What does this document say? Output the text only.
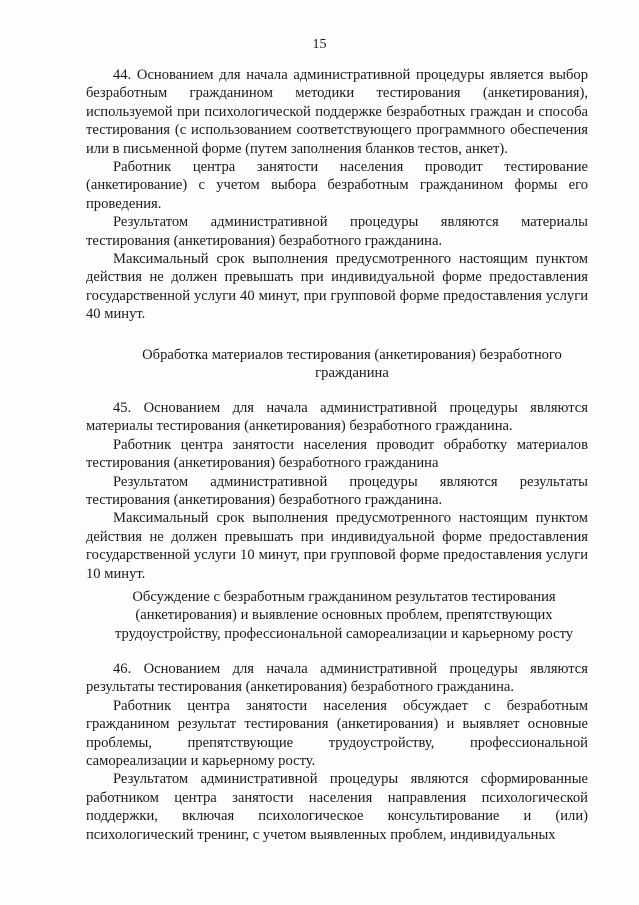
15

44. Основанием для начала административной процедуры является выбор безработным гражданином методики тестирования (анкетирования), используемой при психологической поддержке безработных граждан и способа тестирования (с использованием соответствующего программного обеспечения или в письменной форме (путем заполнения бланков тестов, анкет).

Работник центра занятости населения проводит тестирование (анкетирование) с учетом выбора безработным гражданином формы его проведения.

Результатом административной процедуры являются материалы тестирования (анкетирования) безработного гражданина.

Максимальный срок выполнения предусмотренного настоящим пунктом действия не должен превышать при индивидуальной форме предоставления государственной услуги 40 минут, при групповой форме предоставления услуги 40 минут.

Обработка материалов тестирования (анкетирования) безработного гражданина

45. Основанием для начала административной процедуры являются материалы тестирования (анкетирования) безработного гражданина.

Работник центра занятости населения проводит обработку материалов тестирования (анкетирования) безработного гражданина

Результатом административной процедуры являются результаты тестирования (анкетирования) безработного гражданина.

Максимальный срок выполнения предусмотренного настоящим пунктом действия не должен превышать при индивидуальной форме предоставления государственной услуги 10 минут, при групповой форме предоставления услуги 10 минут.

Обсуждение с безработным гражданином результатов тестирования (анкетирования) и выявление основных проблем, препятствующих трудоустройству, профессиональной самореализации и карьерному росту

46. Основанием для начала административной процедуры являются результаты тестирования (анкетирования) безработного гражданина.

Работник центра занятости населения обсуждает с безработным гражданином результат тестирования (анкетирования) и выявляет основные проблемы, препятствующие трудоустройству, профессиональной самореализации и карьерному росту.

Результатом административной процедуры являются сформированные работником центра занятости населения направления психологической поддержки, включая психологическое консультирование и (или) психологический тренинг, с учетом выявленных проблем, индивидуальных
